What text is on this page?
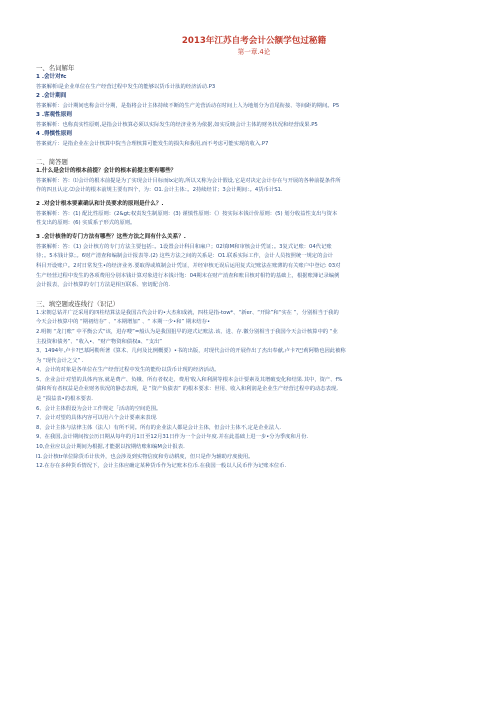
2013年江苏自考会计公额学包过秘籍
第一章.4论
一、名词解年
1 .会计对fc
答案解析i是企业单位在生产经营过程中发生的能够以货币计肽的经济活动.P3
2 .会计期间
答案解析：会计期间也称会计分期，是指将会计主体持续不断的生产羌营活动在时间上人为地划分为首尾衔接、等间距的期间。P5
3 .客观性原则
答案解析：也称真实性原则,是指会计核算必须以实际发生的经济业务为依据,如实反映会计主体的财务状况和经营成果.P5
4 .得慎性原则
答案就斤：是指企业在会计核算中院当合理核算可能发生的损失和我用,而不考虑可能实现的收入.P7
二、简答题
1.什么是会计的根本前提？会计的根本前提主要有哪些？
答案解析：答：⑴会计的根本前提是为了实现会计目标而lx定的,所以又称为会计假设,它是对决定会计存在与开展的各种前提条件所
作的四且认定.⑵会计的根本前规主要有四个，为：O1.会计主体：。2持续经甘；3会计期间：。4货币计S1.
2 .对会计根本要素确认和计员要求的原则是什么？.
答案解析：答：(1) 配比性原则：(2&gt;权责发生制原则：(3) 谨慎性原则：《）按实际本钱计价原则：(5) 划分收益性支出与资本
性支出的原则：(6) 实质系子形式的原则。
3 .会计核咎的专门方法有哪些？这些方法之间有什么关系？.
答案解析：答：《1) 会计核方的专门方法主要包括：。1设置会计科目和麻户；02填IM和审核会计凭证；。3复式记账：04代记账
待；。5本钱计算；。6财产清查和编制会计报表等.(2) 这些方法之间的关系是：O1.联系实际工作，会计人员按照统一规定的会计
科目开设账户。2对日常发生•的经济业务.要取得或填制会计凭证，并经审核无误后运用复式记账法在账薄的有关账户中登记: 03对
生产经营过程中发生的各项费用分别本钱计算对象进行本钱计饱：04期末在财产消查和账目核对相符的基础上，根据账簿记录编例
会计报表，会计核算的专门方法是相互联系、密切配合的.
三、填空题或连线行（识记）
1.宋朝总钻并广泛采用的四柱结算法是我国古代会计的•大杰和成就，四柱是指-tow*、“新er、“开除”和“实在 ”，分别相当于我的
今天会计核算中的 “期初结存” 、“本期增加” 、“ 本期一少•和” 期末结存•
2.明朝 “龙门账” 中平衡公式“该，进存嗖”=般认为是我国狙早的迎式记账法.该、进、存.徽分别相当于我国今天会计核算中的 “业
主投资和债务”、“收入•、“财产物资和债权a、“支出”
3、1494年,卢卡?巴慕阿勒所著《算术、几何及比例概要》•书的出版，对现代会计的开展作出了杰出奉献,卢卡?巴莉阿勒也因此被称
为 “现代会计之父” .
4、会计的对象是各单位在生产经营过程中发生的能纷以货币计现的经济活动。
5、企业会计对望的具体内容,就是费产、负娥、所有者权走、费用'收入和利洞等根本会计要素及其增破变化和结果.其中，资产、f%
债和所有者权益是企业财务状况的静态表现，是 “资产负债表” 的根本要求：世用、收入和利润是企业生产经营过程中的动态表现,
是 “损益表•的根本要表.
6、会计主体假设为会计工作规定「活动的空间范围。
7、会计对望的具体内容可以用六个会计要素来表现.
8、会计主体与法律主体（法人）有所不同。所有的企业法人都是会计主体，但会计主体不,定是企业法人.
9、在我国,会计期间按公历日期从每年的月1日至12月31日作为一个会计年度.并在此基础上进一步•分为季度和月份.
10,企业应以会计期间为根据,才能据以按期结账和编M会计报表.
I1.会计核tr单位除货币计状外，也会涉及到实物信度和劳动耕度，但只是作为辅助疗度使用。
12.在存在多种货币情况下，会计主体应确定某种货币作为记账本位币.在我国一般以人民币作为记账本位币.
